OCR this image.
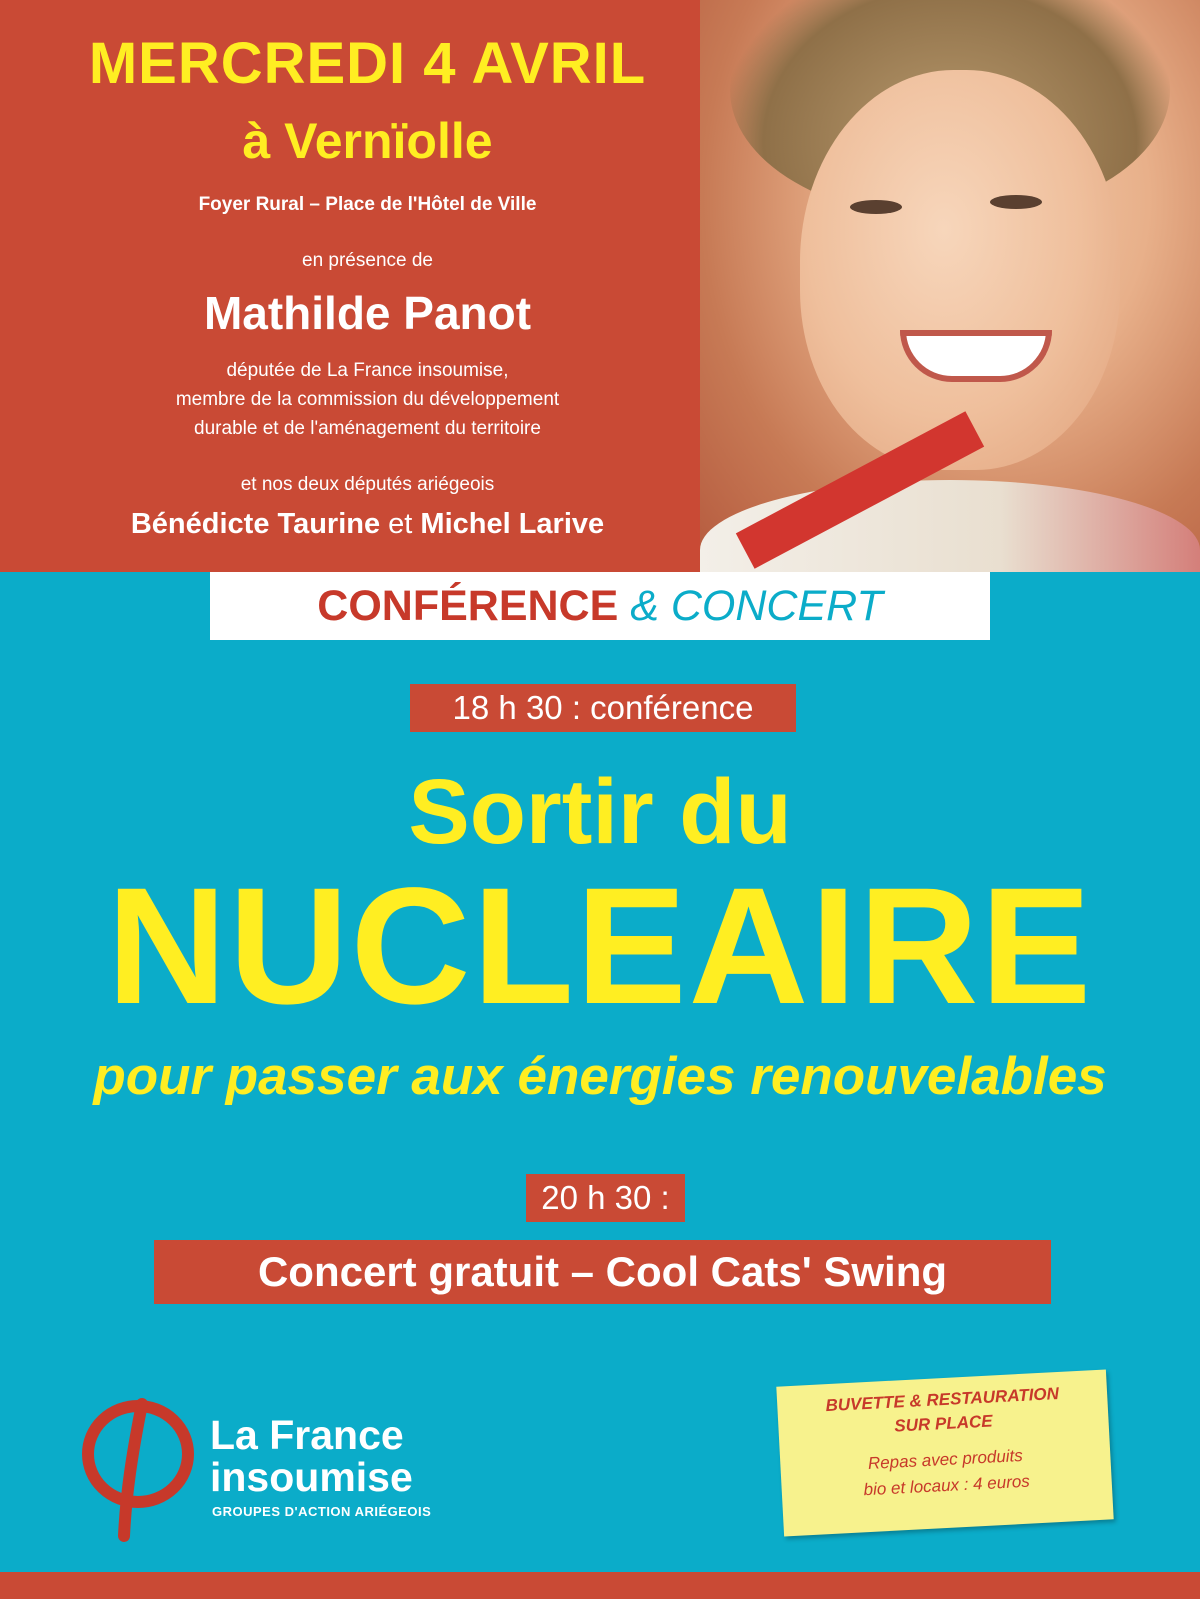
MERCREDI 4 AVRIL
à Vernïolle
Foyer Rural – Place de l'Hôtel de Ville
en présence de
Mathilde Panot
députée de La France insoumise,
membre de la commission du développement
durable et de l'aménagement du territoire
et nos deux députés ariégeois
Bénédicte Taurine et Michel Larive
CONFÉRENCE & CONCERT
18 h 30 : conférence
Sortir du
NUCLEAIRE
pour passer aux énergies renouvelables
20 h 30 :
Concert gratuit – Cool Cats' Swing
La France
insoumise
GROUPES D'ACTION ARIÉGEOIS
BUVETTE & RESTAURATION
SUR PLACE
Repas avec produits
bio et locaux : 4 euros
